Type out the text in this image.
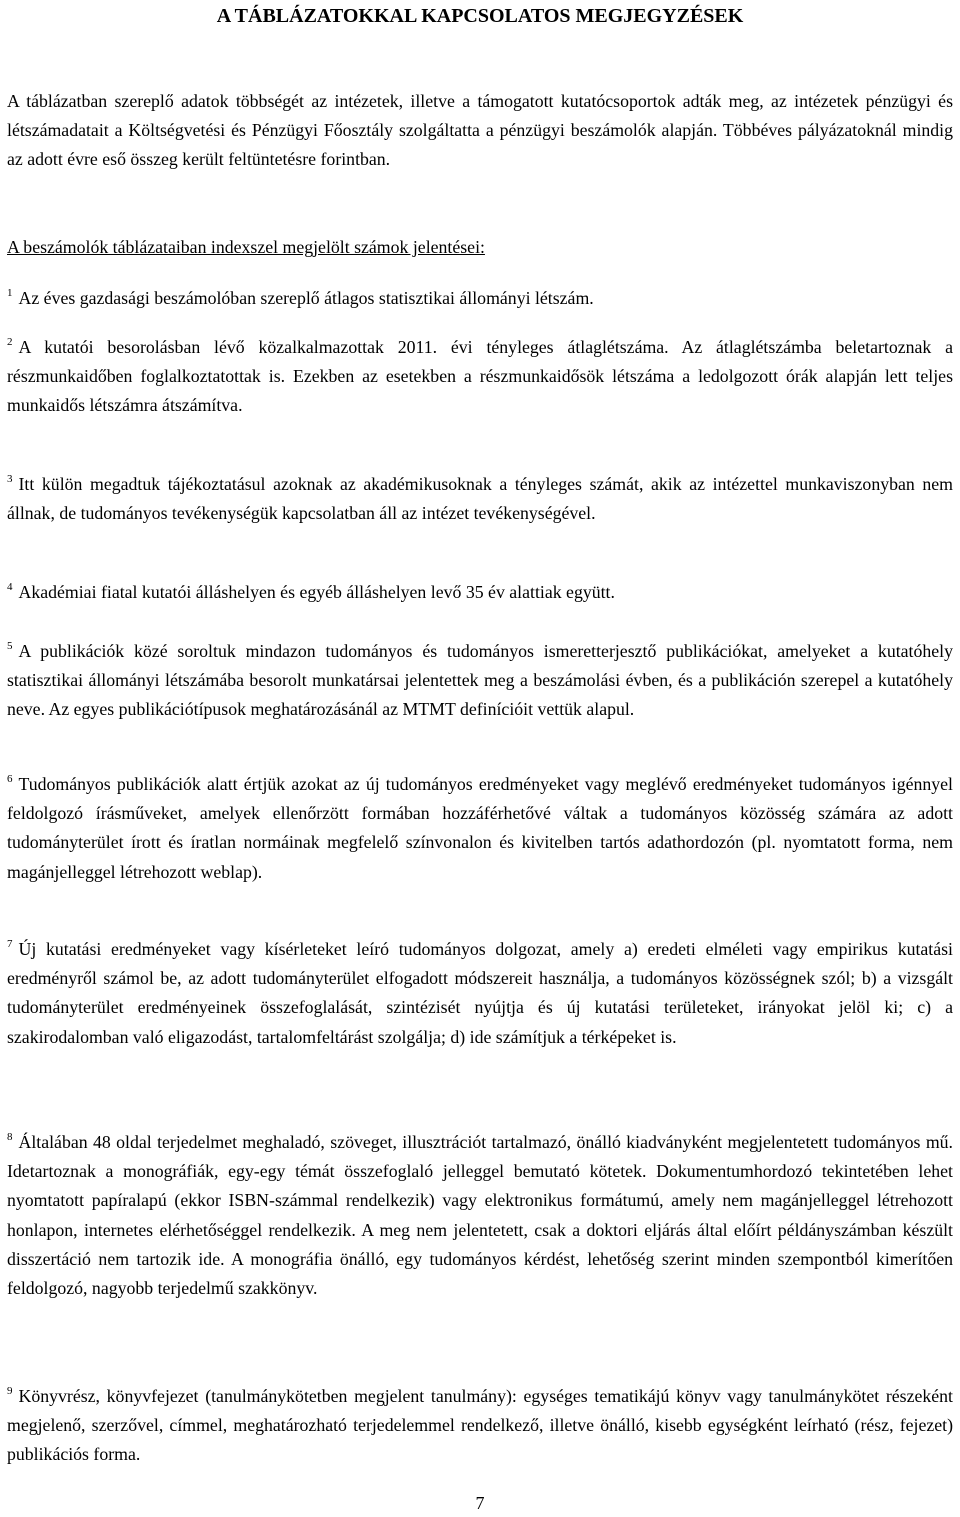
A TÁBLÁZATOKKAL KAPCSOLATOS MEGJEGYZÉSEK

A táblázatban szereplő adatok többségét az intézetek, illetve a támogatott kutatócsoportok adták meg, az intézetek pénzügyi és létszámadatait a Költségvetési és Pénzügyi Főosztály szolgáltatta a pénzügyi beszámolók alapján. Többéves pályázatoknál mindig az adott évre eső összeg került feltüntetésre forintban.

A beszámolók táblázataiban indexszel megjelölt számok jelentései:

$^1$ Az éves gazdasági beszámolóban szereplő átlagos statisztikai állományi létszám.

$^2$ A kutatói besorolásban lévő közalkalmazottak 2011. évi tényleges átlaglétszáma. Az átlaglétszámba beletartoznak a részmunkaidőben foglalkoztatottak is. Ezekben az esetekben a részmunkaidősök létszáma a ledolgozott órák alapján lett teljes munkaidős létszámra átszámítva.

$^3$ Itt külön megadtuk tájékoztatásul azoknak az akadémikusoknak a tényleges számát, akik az intézettel munkaviszonyban nem állnak, de tudományos tevékenységük kapcsolatban áll az intézet tevékenységével.

$^4$ Akadémiai fiatal kutatói álláshelyen és egyéb álláshelyen levő 35 év alattiak együtt.

$^5$ A publikációk közé soroltuk mindazon tudományos és tudományos ismeretterjesztő publikációkat, amelyeket a kutatóhely statisztikai állományi létszámába besorolt munkatársai jelentettek meg a beszámolási évben, és a publikáción szerepel a kutatóhely neve. Az egyes publikációtípusok meghatározásánál az MTMT definícióit vettük alapul.

$^6$ Tudományos publikációk alatt értjük azokat az új tudományos eredményeket vagy meglévő eredményeket tudományos igénnyel feldolgozó írásműveket, amelyek ellenőrzött formában hozzáférhetővé váltak a tudományos közösség számára az adott tudományterület írott és íratlan normáinak megfelelő színvonalon és kivitelben tartós adathordozón (pl. nyomtatott forma, nem magánjelleggel létrehozott weblap).

$^7$ Új kutatási eredményeket vagy kísérleteket leíró tudományos dolgozat, amely a) eredeti elméleti vagy empirikus kutatási eredményről számol be, az adott tudományterület elfogadott módszereit használja, a tudományos közösségnek szól; b) a vizsgált tudományterület eredményeinek összefoglalását, szintézisét nyújtja és új kutatási területeket, irányokat jelöl ki; c) a szakirodalomban való eligazodást, tartalomfeltárást szolgálja; d) ide számítjuk a térképeket is.

$^8$ Általában 48 oldal terjedelmet meghaladó, szöveget, illusztrációt tartalmazó, önálló kiadványként megjelentetett tudományos mű. Idetartoznak a monográfiák, egy-egy témát összefoglaló jelleggel bemutató kötetek. Dokumentumhordozó tekintetében lehet nyomtatott papíralapú (ekkor ISBN-számmal rendelkezik) vagy elektronikus formátumú, amely nem magánjelleggel létrehozott honlapon, internetes elérhetőséggel rendelkezik. A meg nem jelentetett, csak a doktori eljárás által előírt példányszámban készült disszertáció nem tartozik ide. A monográfia önálló, egy tudományos kérdést, lehetőség szerint minden szempontból kimerítően feldolgozó, nagyobb terjedelmű szakkönyv.

$^9$ Könyvrész, könyvfejezet (tanulmánykötetben megjelent tanulmány): egységes tematikájú könyv vagy tanulmánykötet részeként megjelenő, szerzővel, címmel, meghatározható terjedelemmel rendelkező, illetve önálló, kisebb egységként leírható (rész, fejezet) publikációs forma.

7
